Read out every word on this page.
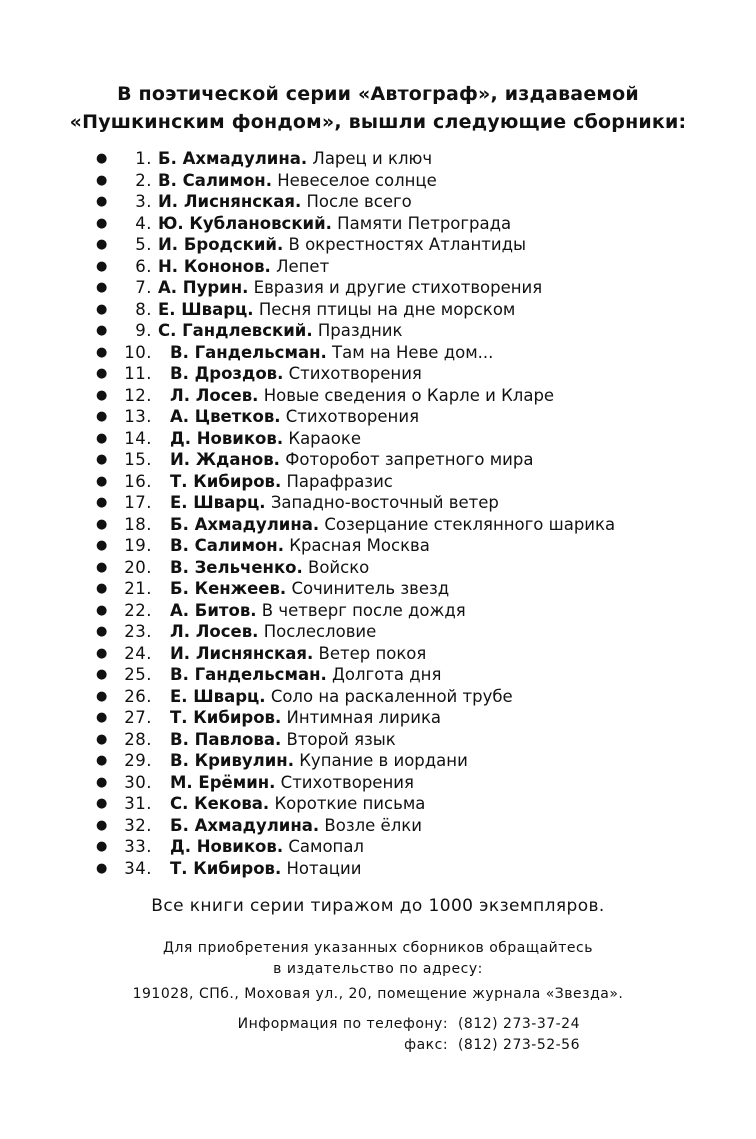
В поэтической серии «Автограф», издаваемой
«Пушкинским фондом», вышли следующие сборники:
● 1. Б. Ахмадулина. Ларец и ключ
● 2. В. Салимон. Невеселое солнце
● 3. И. Лиснянская. После всего
● 4. Ю. Кублановский. Памяти Петрограда
● 5. И. Бродский. В окрестностях Атлантиды
● 6. Н. Кононов. Лепет
● 7. А. Пурин. Евразия и другие стихотворения
● 8. Е. Шварц. Песня птицы на дне морском
● 9. С. Гандлевский. Праздник
● 10. В. Гандельсман. Там на Неве дом...
● 11. В. Дроздов. Стихотворения
● 12. Л. Лосев. Новые сведения о Карле и Кларе
● 13. А. Цветков. Стихотворения
● 14. Д. Новиков. Караоке
● 15. И. Жданов. Фоторобот запретного мира
● 16. Т. Кибиров. Парафразис
● 17. Е. Шварц. Западно-восточный ветер
● 18. Б. Ахмадулина. Созерцание стеклянного шарика
● 19. В. Салимон. Красная Москва
● 20. В. Зельченко. Войско
● 21. Б. Кенжеев. Сочинитель звезд
● 22. А. Битов. В четверг после дождя
● 23. Л. Лосев. Послесловие
● 24. И. Лиснянская. Ветер покоя
● 25. В. Гандельсман. Долгота дня
● 26. Е. Шварц. Соло на раскаленной трубе
● 27. Т. Кибиров. Интимная лирика
● 28. В. Павлова. Второй язык
● 29. В. Кривулин. Купание в иордани
● 30. М. Ерёмин. Стихотворения
● 31. С. Кекова. Короткие письма
● 32. Б. Ахмадулина. Возле ёлки
● 33. Д. Новиков. Самопал
● 34. Т. Кибиров. Нотации
Все книги серии тиражом до 1000 экземпляров.
Для приобретения указанных сборников обращайтесь
в издательство по адресу:
191028, СПб., Моховая ул., 20, помещение журнала «Звезда».
Информация по телефону:  (812) 273-37-24
факс:  (812) 273-52-56
